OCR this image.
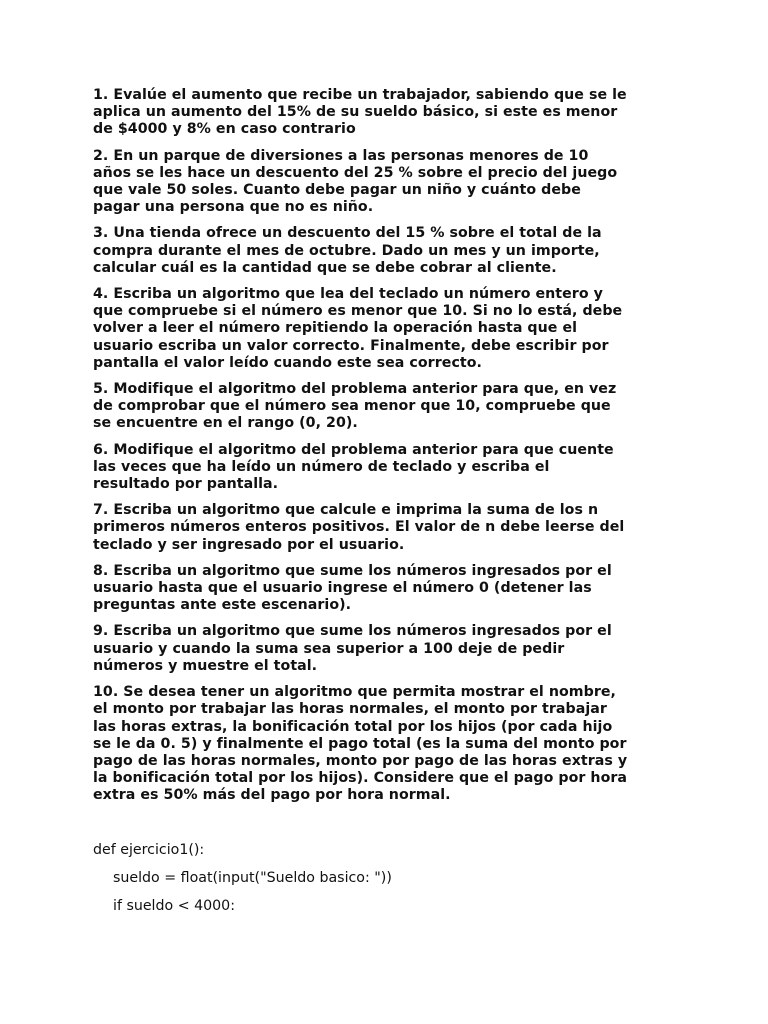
1. Evalúe el aumento que recibe un trabajador, sabiendo que se le
aplica un aumento del 15% de su sueldo básico, si este es menor
de $4000 y 8% en caso contrario

2. En un parque de diversiones a las personas menores de 10
años se les hace un descuento del 25 % sobre el precio del juego
que vale 50 soles. Cuanto debe pagar un niño y cuánto debe
pagar una persona que no es niño.

3. Una tienda ofrece un descuento del 15 % sobre el total de la
compra durante el mes de octubre. Dado un mes y un importe,
calcular cuál es la cantidad que se debe cobrar al cliente.

4. Escriba un algoritmo que lea del teclado un número entero y
que compruebe si el número es menor que 10. Si no lo está, debe
volver a leer el número repitiendo la operación hasta que el
usuario escriba un valor correcto. Finalmente, debe escribir por
pantalla el valor leído cuando este sea correcto.

5. Modifique el algoritmo del problema anterior para que, en vez
de comprobar que el número sea menor que 10, compruebe que
se encuentre en el rango (0, 20).

6. Modifique el algoritmo del problema anterior para que cuente
las veces que ha leído un número de teclado y escriba el
resultado por pantalla.

7. Escriba un algoritmo que calcule e imprima la suma de los n
primeros números enteros positivos. El valor de n debe leerse del
teclado y ser ingresado por el usuario.

8. Escriba un algoritmo que sume los números ingresados por el
usuario hasta que el usuario ingrese el número 0 (detener las
preguntas ante este escenario).

9. Escriba un algoritmo que sume los números ingresados por el
usuario y cuando la suma sea superior a 100 deje de pedir
números y muestre el total.

10. Se desea tener un algoritmo que permita mostrar el nombre,
el monto por trabajar las horas normales, el monto por trabajar
las horas extras, la bonificación total por los hijos (por cada hijo
se le da 0. 5) y finalmente el pago total (es la suma del monto por
pago de las horas normales, monto por pago de las horas extras y
la bonificación total por los hijos). Considere que el pago por hora
extra es 50% más del pago por hora normal.

def ejercicio1():
sueldo = float(input("Sueldo basico: "))
if sueldo < 4000:
